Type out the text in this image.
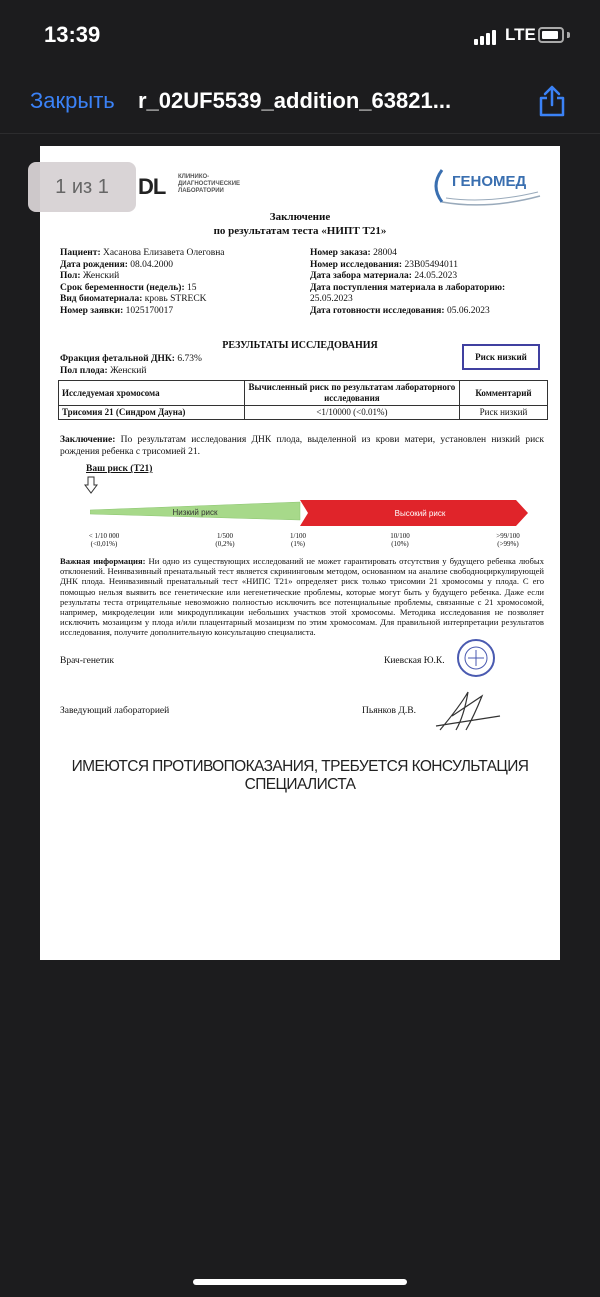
13:39	LTE
Закрыть r_02UF5539_addition_63821...
1 из 1	DL КЛИНИКО-ДИАГНОСТИЧЕСКИЕ ЛАБОРАТОРИИ
ГЕНОМЕД
Заключение
по результатам теста «НИПТ Т21»
Пациент: Хасанова Елизавета Олеговна
Дата рождения: 08.04.2000
Пол: Женский
Срок беременности (недель): 15
Вид биоматериала: кровь STRECK
Номер заявки: 1025170017
Номер заказа: 28004
Номер исследования: 23B05494011
Дата забора материала: 24.05.2023
Дата поступления материала в лабораторию: 25.05.2023
Дата готовности исследования: 05.06.2023
РЕЗУЛЬТАТЫ ИССЛЕДОВАНИЯ
Фракция фетальной ДНК: 6.73%
Пол плода: Женский
Риск низкий
Исследуемая хромосома	Вычисленный риск по результатам лабораторного исследования	Комментарий
Трисомия 21 (Синдром Дауна)	<1/10000 (<0.01%)	Риск низкий
Заключение: По результатам исследования ДНК плода, выделенной из крови матери, установлен низкий риск рождения ребенка с трисомией 21.
Ваш риск (Т21)
Низкий риск	Высокий риск
< 1/10 000
(<0,01%)
1/500
(0,2%)
1/100
(1%)
10/100
(10%)
>99/100
(>99%)
Важная информация: Ни одно из существующих исследований не может гарантировать отсутствия у будущего ребенка любых отклонений. Неинвазивный пренатальный тест является скрининговым методом, основанном на анализе свободноциркулирующей ДНК плода. Неинвазивный пренатальный тест «НИПС Т21» определяет риск только трисомии 21 хромосомы у плода. С его помощью нельзя выявить все генетические или негенетические проблемы, которые могут быть у будущего ребенка. Даже если результаты теста отрицательные невозможно полностью исключить все потенциальные проблемы, связанные с 21 хромосомой, например, микроделеции или микродупликации небольших участков этой хромосомы. Методика исследования не позволяет исключить мозаицизм у плода и/или плацентарный мозаицизм по этим хромосомам. Для правильной интерпретации результатов исследования, получите дополнительную консультацию специалиста.
Врач-генетик	Киевская Ю.К.
Заведующий лабораторией	Пьянков Д.В.
ИМЕЮТСЯ ПРОТИВОПОКАЗАНИЯ, ТРЕБУЕТСЯ КОНСУЛЬТАЦИЯ СПЕЦИАЛИСТА
